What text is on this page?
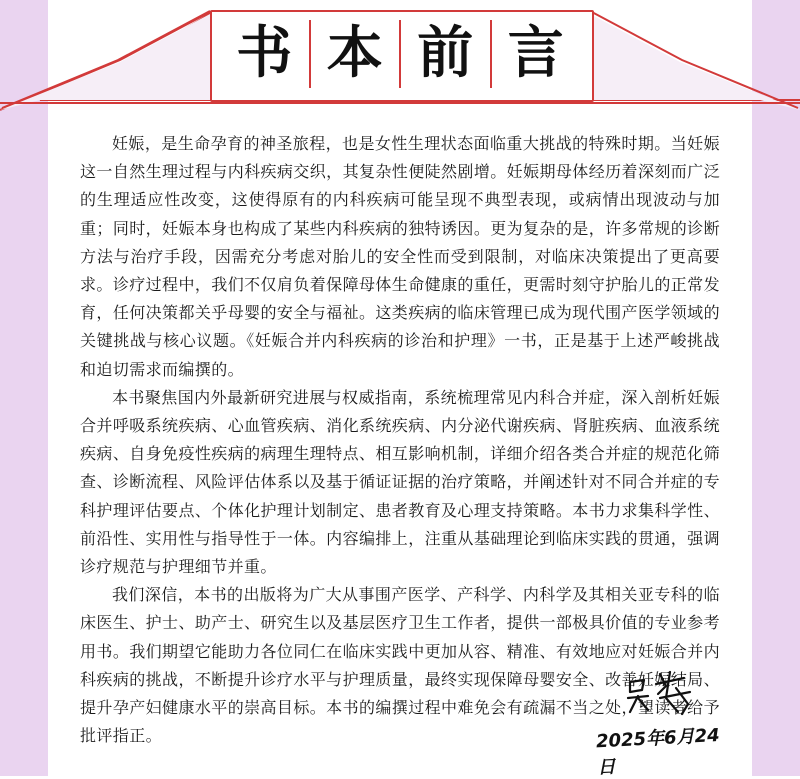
书 本 前 言

妊娠，是生命孕育的神圣旅程，也是女性生理状态面临重大挑战的特殊时期。当妊娠这一自然生理过程与内科疾病交织，其复杂性便陡然剧增。妊娠期母体经历着深刻而广泛的生理适应性改变，这使得原有的内科疾病可能呈现不典型表现，或病情出现波动与加重；同时，妊娠本身也构成了某些内科疾病的独特诱因。更为复杂的是，许多常规的诊断方法与治疗手段，因需充分考虑对胎儿的安全性而受到限制，对临床决策提出了更高要求。诊疗过程中，我们不仅肩负着保障母体生命健康的重任，更需时刻守护胎儿的正常发育，任何决策都关乎母婴的安全与福祉。这类疾病的临床管理已成为现代围产医学领域的关键挑战与核心议题。《妊娠合并内科疾病的诊治和护理》一书，正是基于上述严峻挑战和迫切需求而编撰的。

本书聚焦国内外最新研究进展与权威指南，系统梳理常见内科合并症，深入剖析妊娠合并呼吸系统疾病、心血管疾病、消化系统疾病、内分泌代谢疾病、肾脏疾病、血液系统疾病、自身免疫性疾病的病理生理特点、相互影响机制，详细介绍各类合并症的规范化筛查、诊断流程、风险评估体系以及基于循证证据的治疗策略，并阐述针对不同合并症的专科护理评估要点、个体化护理计划制定、患者教育及心理支持策略。本书力求集科学性、前沿性、实用性与指导性于一体。内容编排上，注重从基础理论到临床实践的贯通，强调诊疗规范与护理细节并重。

我们深信，本书的出版将为广大从事围产医学、产科学、内科学及其相关亚专科的临床医生、护士、助产士、研究生以及基层医疗卫生工作者，提供一部极具价值的专业参考用书。我们期望它能助力各位同仁在临床实践中更加从容、精准、有效地应对妊娠合并内科疾病的挑战，不断提升诊疗水平与护理质量，最终实现保障母婴安全、改善妊娠结局、提升孕产妇健康水平的崇高目标。本书的编撰过程中难免会有疏漏不当之处，望读者给予批评指正。	2025年6月24日
